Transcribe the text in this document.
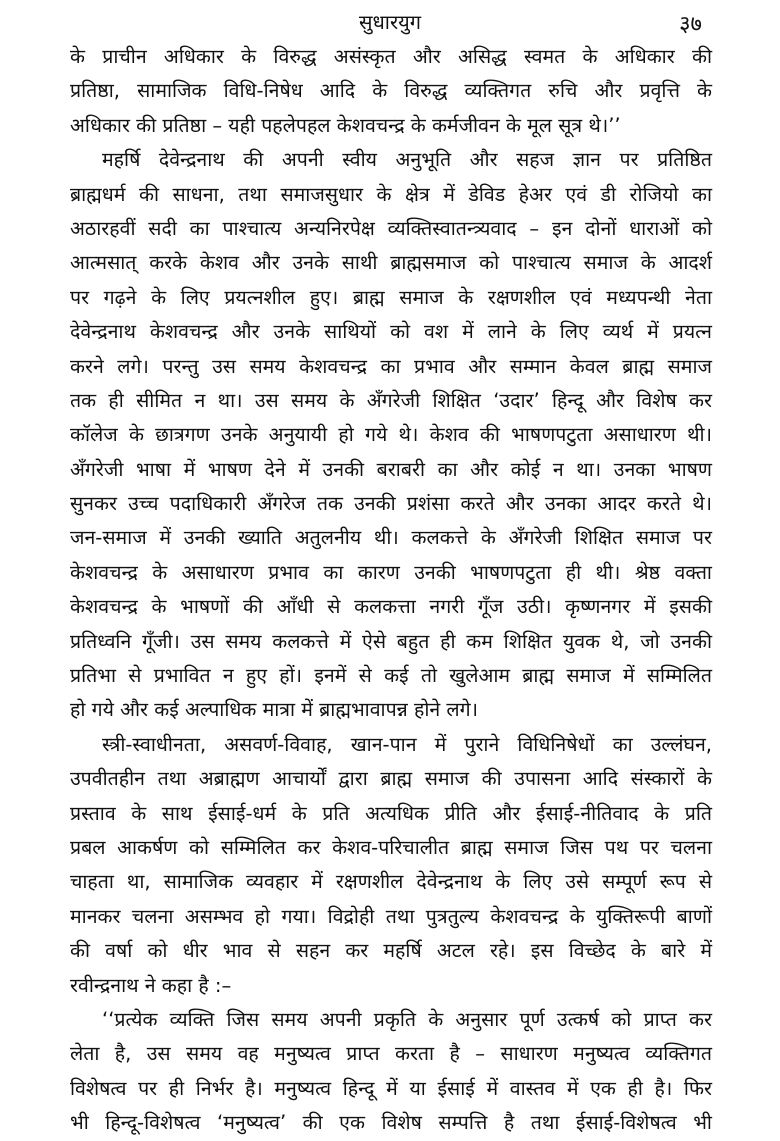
सुधारयुग	३७
के प्राचीन अधिकार के विरुद्ध असंस्कृत और असिद्ध स्वमत के अधिकार की
प्रतिष्ठा, सामाजिक विधि-निषेध आदि के विरुद्ध व्यक्तिगत रुचि और प्रवृत्ति के
अधिकार की प्रतिष्ठा – यही पहलेपहल केशवचन्द्र के कर्मजीवन के मूल सूत्र थे।’’
महर्षि देवेन्द्रनाथ की अपनी स्वीय अनुभूति और सहज ज्ञान पर प्रतिष्ठित
ब्राह्मधर्म की साधना, तथा समाजसुधार के क्षेत्र में डेविड हेअर एवं डी रोजियो का
अठारहवीं सदी का पाश्चात्य अन्यनिरपेक्ष व्यक्तिस्वातन्त्र्यवाद – इन दोनों धाराओं को
आत्मसात् करके केशव और उनके साथी ब्राह्मसमाज को पाश्चात्य समाज के आदर्श
पर गढ़ने के लिए प्रयत्नशील हुए। ब्राह्म समाज के रक्षणशील एवं मध्यपन्थी नेता
देवेन्द्रनाथ केशवचन्द्र और उनके साथियों को वश में लाने के लिए व्यर्थ में प्रयत्न
करने लगे। परन्तु उस समय केशवचन्द्र का प्रभाव और सम्मान केवल ब्राह्म समाज
तक ही सीमित न था। उस समय के अँगरेजी शिक्षित ‘उदार’ हिन्दू और विशेष कर
कॉलेज के छात्रगण उनके अनुयायी हो गये थे। केशव की भाषणपटुता असाधारण थी।
अँगरेजी भाषा में भाषण देने में उनकी बराबरी का और कोई न था। उनका भाषण
सुनकर उच्च पदाधिकारी अँगरेज तक उनकी प्रशंसा करते और उनका आदर करते थे।
जन-समाज में उनकी ख्याति अतुलनीय थी। कलकत्ते के अँगरेजी शिक्षित समाज पर
केशवचन्द्र के असाधारण प्रभाव का कारण उनकी भाषणपटुता ही थी। श्रेष्ठ वक्ता
केशवचन्द्र के भाषणों की आँधी से कलकत्ता नगरी गूँज उठी। कृष्णनगर में इसकी
प्रतिध्वनि गूँजी। उस समय कलकत्ते में ऐसे बहुत ही कम शिक्षित युवक थे, जो उनकी
प्रतिभा से प्रभावित न हुए हों। इनमें से कई तो खुलेआम ब्राह्म समाज में सम्मिलित
हो गये और कई अल्पाधिक मात्रा में ब्राह्मभावापन्न होने लगे।
स्त्री-स्वाधीनता, असवर्ण-विवाह, खान-पान में पुराने विधिनिषेधों का उल्लंघन,
उपवीतहीन तथा अब्राह्मण आचार्यों द्वारा ब्राह्म समाज की उपासना आदि संस्कारों के
प्रस्ताव के साथ ईसाई-धर्म के प्रति अत्यधिक प्रीति और ईसाई-नीतिवाद के प्रति
प्रबल आकर्षण को सम्मिलित कर केशव-परिचालीत ब्राह्म समाज जिस पथ पर चलना
चाहता था, सामाजिक व्यवहार में रक्षणशील देवेन्द्रनाथ के लिए उसे सम्पूर्ण रूप से
मानकर चलना असम्भव हो गया। विद्रोही तथा पुत्रतुल्य केशवचन्द्र के युक्तिरूपी बाणों
की वर्षा को धीर भाव से सहन कर महर्षि अटल रहे। इस विच्छेद के बारे में
रवीन्द्रनाथ ने कहा है :–
‘‘प्रत्येक व्यक्ति जिस समय अपनी प्रकृति के अनुसार पूर्ण उत्कर्ष को प्राप्त कर
लेता है, उस समय वह मनुष्यत्व प्राप्त करता है – साधारण मनुष्यत्व व्यक्तिगत
विशेषत्व पर ही निर्भर है। मनुष्यत्व हिन्दू में या ईसाई में वास्तव में एक ही है। फिर
भी हिन्दू-विशेषत्व ‘मनुष्यत्व’ की एक विशेष सम्पत्ति है तथा ईसाई-विशेषत्व भी
